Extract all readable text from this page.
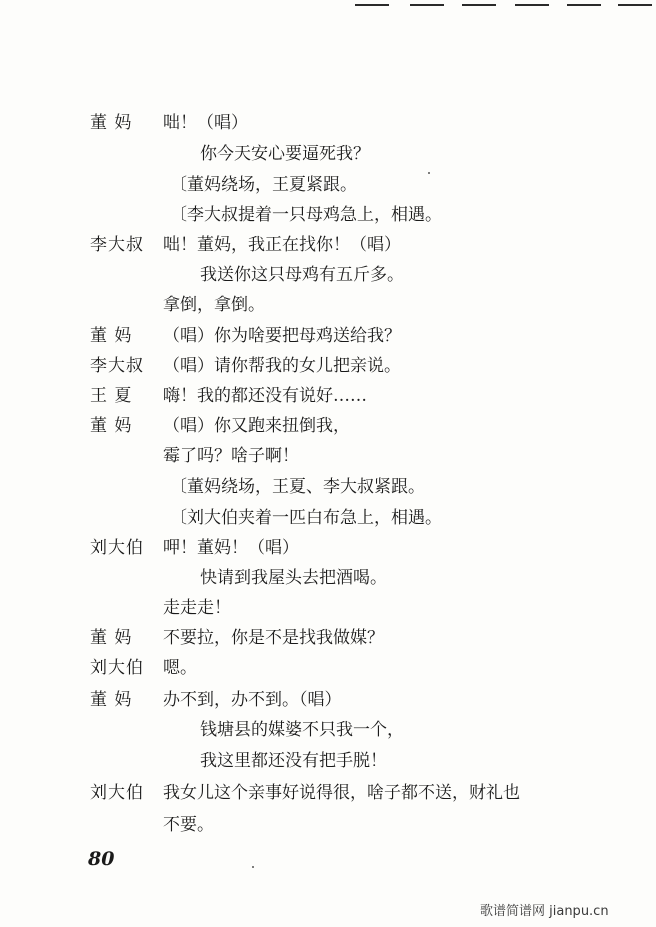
董 妈	咄！（唱）
你今天安心要逼死我？
〔董妈绕场，王夏紧跟。
〔李大叔提着一只母鸡急上，相遇。
李大叔	咄！董妈，我正在找你！（唱）
我送你这只母鸡有五斤多。
拿倒，拿倒。
董 妈	（唱）你为啥要把母鸡送给我？
李大叔	（唱）请你帮我的女儿把亲说。
王 夏	嗨！我的都还没有说好……
董 妈	（唱）你又跑来扭倒我，
霉了吗？啥子啊！
〔董妈绕场，王夏、李大叔紧跟。
〔刘大伯夹着一匹白布急上，相遇。
刘大伯	呷！董妈！（唱）
快请到我屋头去把酒喝。
走走走！
董 妈	不要拉，你是不是找我做媒？
刘大伯	嗯。
董 妈	办不到，办不到。（唱）
钱塘县的媒婆不只我一个，
我这里都还没有把手脱！
刘大伯	我女儿这个亲事好说得很，啥子都不送，财礼也
不要。
80
歌谱简谱网 jianpu.cn
